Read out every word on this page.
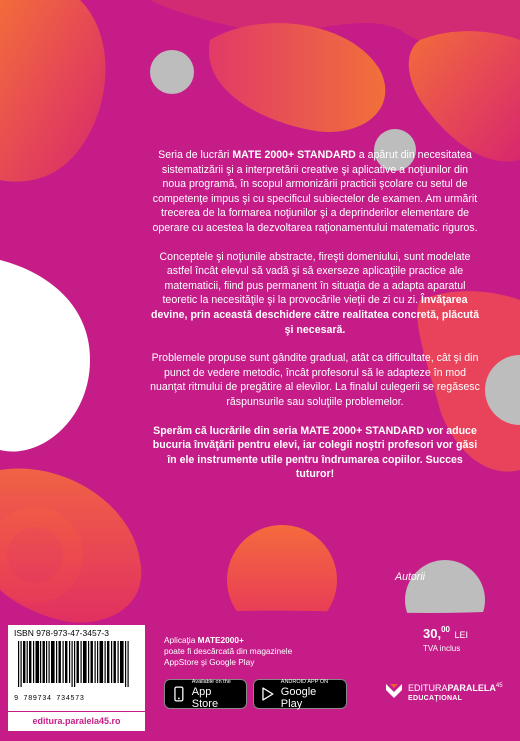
Seria de lucrări MATE 2000+ STANDARD a apărut din necesitatea sistematizării şi a interpretării creative şi aplicative a noţiunilor din noua programă, în scopul armonizării practicii şcolare cu setul de competenţe impus şi cu specificul subiectelor de examen. Am urmărit trecerea de la formarea noţiunilor şi a deprinderilor elementare de operare cu acestea la dezvoltarea raţionamentului matematic riguros.

Conceptele şi noţiunile abstracte, fireşti domeniului, sunt modelate astfel încât elevul să vadă şi să exerseze aplicaţiile practice ale matematicii, fiind pus permanent în situaţia de a adapta aparatul teoretic la necesităţile şi la provocările vieţii de zi cu zi. Învăţarea devine, prin această deschidere către realitatea concretă, plăcută şi necesară.

Problemele propuse sunt gândite gradual, atât ca dificultate, cât şi din punct de vedere metodic, încât profesorul să le adapteze în mod nuanţat ritmului de pregătire al elevilor. La finalul culegerii se regăsesc răspunsurile sau soluţiile problemelor.

Sperăm că lucrările din seria MATE 2000+ STANDARD vor aduce bucuria învăţării pentru elevi, iar colegii noştri profesori vor găsi în ele instrumente utile pentru îndrumarea copiilor. Succes tuturor!

Autorii
30,00 LEI
TVA inclus
ISBN 978-973-47-3457-3
9 789734 734573
editura.paralela45.ro
Aplicaţia MATE2000+
poate fi descărcată din magazinele
AppStore şi Google Play
Available on the
App Store
ANDROID APP ON
Google Play
EDITURAPARALELA$^{45}$
EDUCAŢIONAL
